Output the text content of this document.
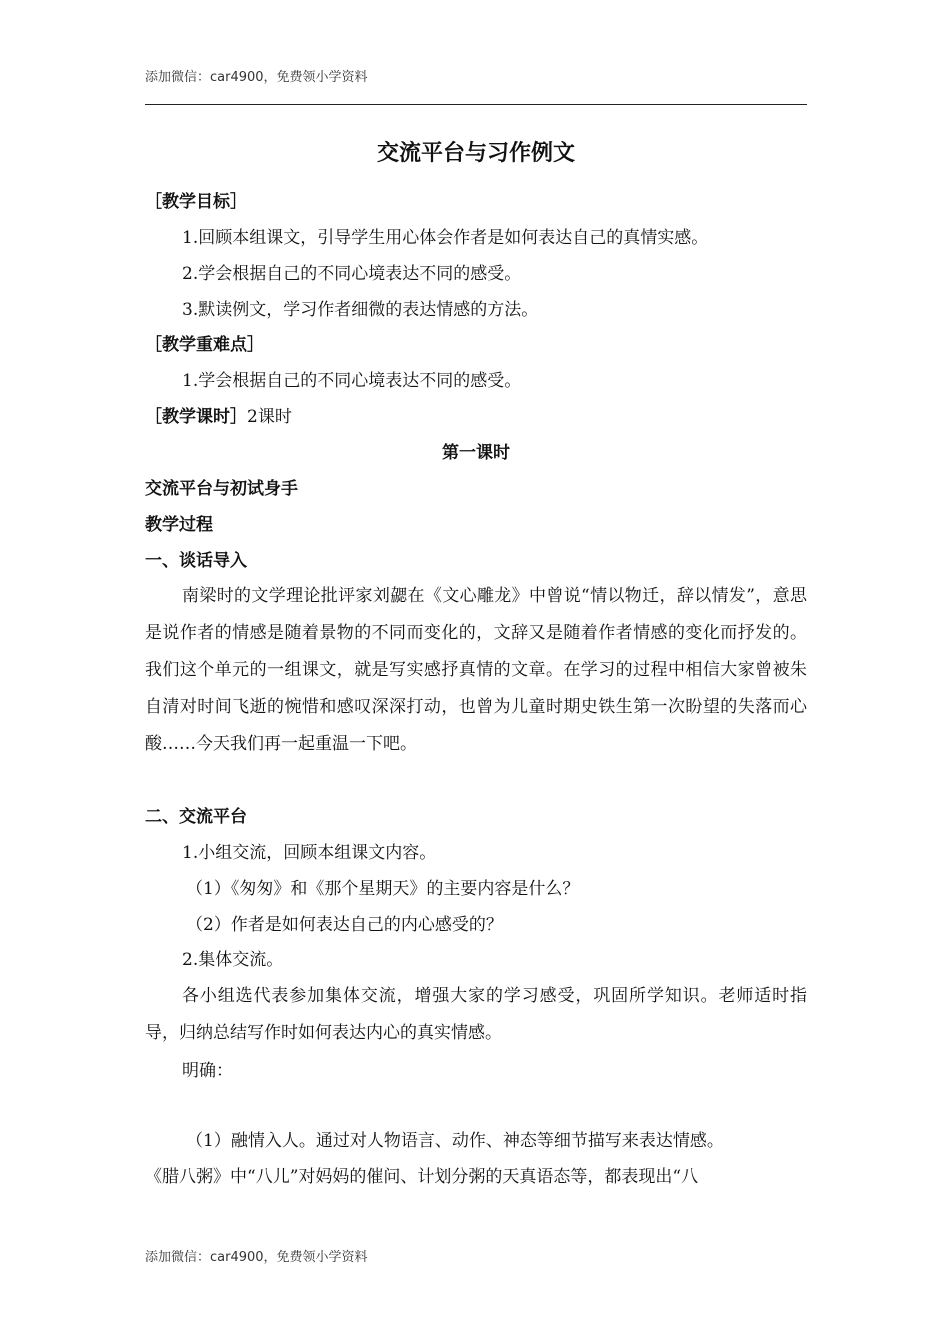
添加微信：car4900，免费领小学资料
交流平台与习作例文
［教学目标］
1.回顾本组课文，引导学生用心体会作者是如何表达自己的真情实感。
2.学会根据自己的不同心境表达不同的感受。
3.默读例文，学习作者细微的表达情感的方法。
［教学重难点］
1.学会根据自己的不同心境表达不同的感受。
［教学课时］2课时
第一课时
交流平台与初试身手
教学过程
一、谈话导入
南梁时的文学理论批评家刘勰在《文心雕龙》中曾说“情以物迁，辞以情发”，意思是说作者的情感是随着景物的不同而变化的，文辞又是随着作者情感的变化而抒发的。我们这个单元的一组课文，就是写实感抒真情的文章。在学习的过程中相信大家曾被朱自清对时间飞逝的惋惜和感叹深深打动，也曾为儿童时期史铁生第一次盼望的失落而心酸……今天我们再一起重温一下吧。
二、交流平台
1.小组交流，回顾本组课文内容。
（1）《匆匆》和《那个星期天》的主要内容是什么？
（2）作者是如何表达自己的内心感受的？
2.集体交流。
各小组选代表参加集体交流，增强大家的学习感受，巩固所学知识。老师适时指导，归纳总结写作时如何表达内心的真实情感。
明确：
（1）融情入人。通过对人物语言、动作、神态等细节描写来表达情感。
《腊八粥》中“八儿”对妈妈的催问、计划分粥的天真语态等，都表现出“八
添加微信：car4900，免费领小学资料
